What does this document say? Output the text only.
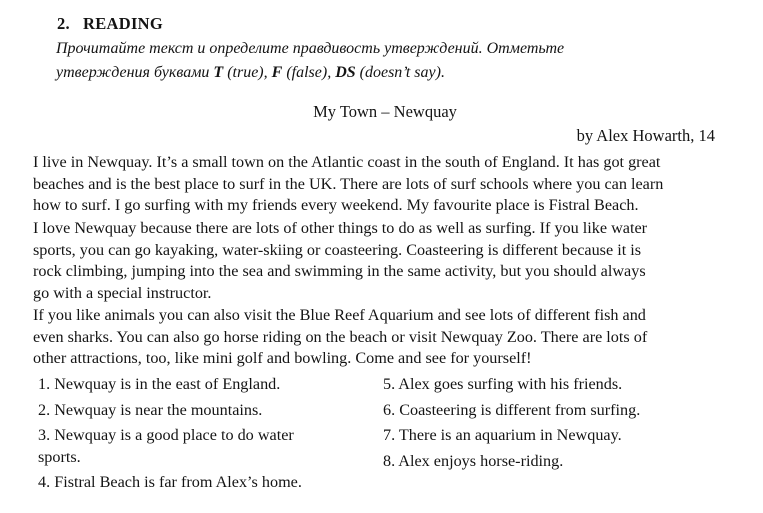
2. READING
Прочитайте текст и определите правдивость утверждений. Отметьте
утверждения буквами T (true), F (false), DS (doesn’t say).
My Town – Newquay
by Alex Howarth, 14
I live in Newquay. It’s a small town on the Atlantic coast in the south of England. It has got great
beaches and is the best place to surf in the UK. There are lots of surf schools where you can learn
how to surf. I go surfing with my friends every weekend. My favourite place is Fistral Beach.
I love Newquay because there are lots of other things to do as well as surfing. If you like water
sports, you can go kayaking, water-skiing or coasteering. Coasteering is different because it is
rock climbing, jumping into the sea and swimming in the same activity, but you should always
go with a special instructor.
If you like animals you can also visit the Blue Reef Aquarium and see lots of different fish and
even sharks. You can also go horse riding on the beach or visit Newquay Zoo. There are lots of
other attractions, too, like mini golf and bowling. Come and see for yourself!
1. Newquay is in the east of England.
2. Newquay is near the mountains.
3. Newquay is a good place to do water
sports.
4. Fistral Beach is far from Alex’s home.
5. Alex goes surfing with his friends.
6. Coasteering is different from surfing.
7. There is an aquarium in Newquay.
8. Alex enjoys horse-riding.
